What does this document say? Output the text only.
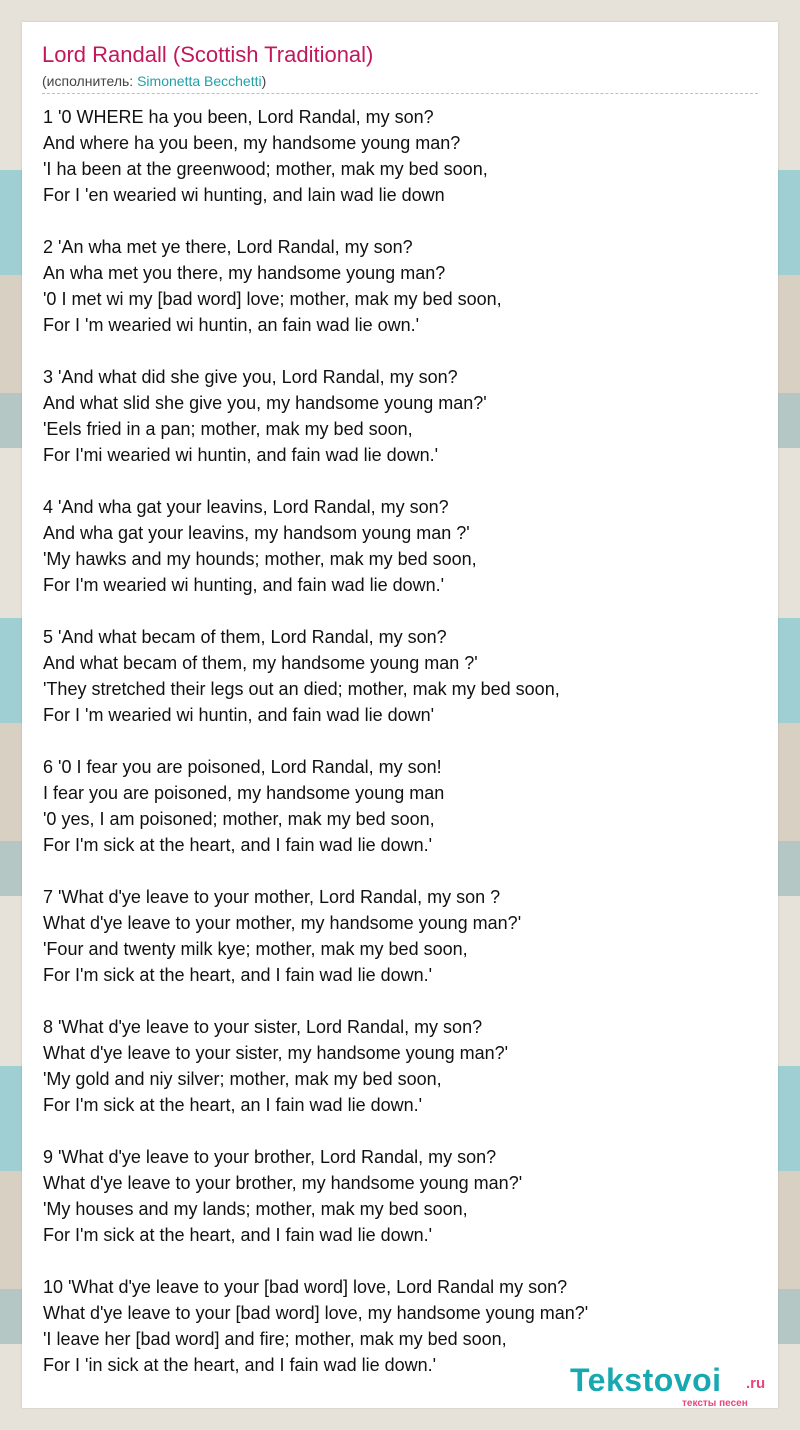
Lord Randall (Scottish Traditional)
(исполнитель: Simonetta Becchetti)
1 '0 WHERE ha you been, Lord Randal, my son?
And where ha you been, my handsome young man?
'I ha been at the greenwood; mother, mak my bed soon,
For I 'en wearied wi hunting, and lain wad lie down
2 'An wha met ye there, Lord Randal, my son?
An wha met you there, my handsome young man?
'0 I met wi my [bad word] love; mother, mak my bed soon,
For I 'm wearied wi huntin, an fain wad lie own.'
3 'And what did she give you, Lord Randal, my son?
And what slid she give you, my handsome young man?'
'Eels fried in a pan; mother, mak my bed soon,
For I'mi wearied wi huntin, and fain wad lie down.'
4 'And wha gat your leavins, Lord Randal, my son?
And wha gat your leavins, my handsom young man ?'
'My hawks and my hounds; mother, mak my bed soon,
For I'm wearied wi hunting, and fain wad lie down.'
5 'And what becam of them, Lord Randal, my son?
And what becam of them, my handsome young man ?'
'They stretched their legs out an died; mother, mak my bed soon,
For I 'm wearied wi huntin, and fain wad lie down'
6 '0 I fear you are poisoned, Lord Randal, my son!
I fear you are poisoned, my handsome young man
'0 yes, I am poisoned; mother, mak my bed soon,
For I'm sick at the heart, and I fain wad lie down.'
7 'What d'ye leave to your mother, Lord Randal, my son ?
What d'ye leave to your mother, my handsome young man?'
'Four and twenty milk kye; mother, mak my bed soon,
For I'm sick at the heart, and I fain wad lie down.'
8 'What d'ye leave to your sister, Lord Randal, my son?
What d'ye leave to your sister, my handsome young man?'
'My gold and niy silver; mother, mak my bed soon,
For I'm sick at the heart, an I fain wad lie down.'
9 'What d'ye leave to your brother, Lord Randal, my son?
What d'ye leave to your brother, my handsome young man?'
'My houses and my lands; mother, mak my bed soon,
For I'm sick at the heart, and I fain wad lie down.'
10 'What d'ye leave to your [bad word] love, Lord Randal my son?
What d'ye leave to your [bad word] love, my handsome young man?'
'I leave her [bad word] and fire; mother, mak my bed soon,
For I 'in sick at the heart, and I fain wad lie down.'	Tekstovoi .ru
тексты песен
